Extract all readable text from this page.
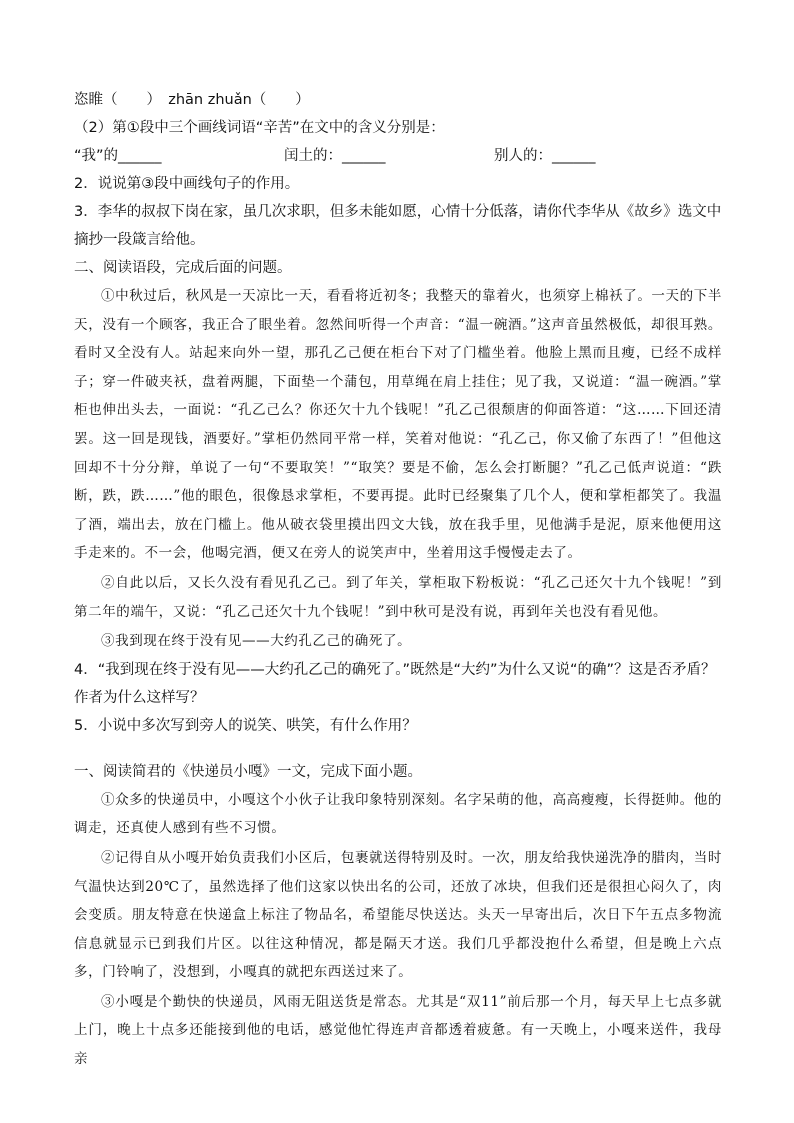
恣睢（　　）　zhān zhuǎn（　　）

（2）第①段中三个画线词语“辛苦”在文中的含义分别是：

“我”的______	闰土的：______	别人的：______

2．说说第③段中画线句子的作用。

3．李华的叔叔下岗在家，虽几次求职，但多未能如愿，心情十分低落，请你代李华从《故乡》选文中摘抄一段箴言给他。

二、阅读语段，完成后面的问题。

①中秋过后，秋风是一天凉比一天，看看将近初冬；我整天的靠着火，也须穿上棉袄了。一天的下半天，没有一个顾客，我正合了眼坐着。忽然间听得一个声音：“温一碗酒。”这声音虽然极低，却很耳熟。看时又全没有人。站起来向外一望，那孔乙己便在柜台下对了门槛坐着。他脸上黑而且瘦，已经不成样子；穿一件破夹袄，盘着两腿，下面垫一个蒲包，用草绳在肩上挂住；见了我，又说道：“温一碗酒。”掌柜也伸出头去，一面说：“孔乙己么？你还欠十九个钱呢！”孔乙己很颓唐的仰面答道：“这……下回还清罢。这一回是现钱，酒要好。”掌柜仍然同平常一样，笑着对他说：“孔乙己，你又偷了东西了！”但他这回却不十分分辩，单说了一句“不要取笑！”“取笑？要是不偷，怎么会打断腿？”孔乙己低声说道：“跌断，跌，跌……”他的眼色，很像恳求掌柜，不要再提。此时已经聚集了几个人，便和掌柜都笑了。我温了酒，端出去，放在门槛上。他从破衣袋里摸出四文大钱，放在我手里，见他满手是泥，原来他便用这手走来的。不一会，他喝完酒，便又在旁人的说笑声中，坐着用这手慢慢走去了。

②自此以后，又长久没有看见孔乙己。到了年关，掌柜取下粉板说：“孔乙己还欠十九个钱呢！”到第二年的端午，又说：“孔乙己还欠十九个钱呢！”到中秋可是没有说，再到年关也没有看见他。

③我到现在终于没有见——大约孔乙己的确死了。

4．“我到现在终于没有见——大约孔乙己的确死了。”既然是“大约”为什么又说“的确”？这是否矛盾？作者为什么这样写？

5．小说中多次写到旁人的说笑、哄笑，有什么作用？

一、阅读简君的《快递员小嘎》一文，完成下面小题。

①众多的快递员中，小嘎这个小伙子让我印象特别深刻。名字呆萌的他，高高瘦瘦，长得挺帅。他的调走，还真使人感到有些不习惯。

②记得自从小嘎开始负责我们小区后，包裹就送得特别及时。一次，朋友给我快递洗净的腊肉，当时气温快达到20℃了，虽然选择了他们这家以快出名的公司，还放了冰块，但我们还是很担心闷久了，肉会变质。朋友特意在快递盒上标注了物品名，希望能尽快送达。头天一早寄出后，次日下午五点多物流信息就显示已到我们片区。以往这种情况，都是隔天才送。我们几乎都没抱什么希望，但是晚上六点多，门铃响了，没想到，小嘎真的就把东西送过来了。

③小嘎是个勤快的快递员，风雨无阻送货是常态。尤其是“双11”前后那一个月，每天早上七点多就上门，晚上十点多还能接到他的电话，感觉他忙得连声音都透着疲惫。有一天晚上，小嘎来送件，我母亲
